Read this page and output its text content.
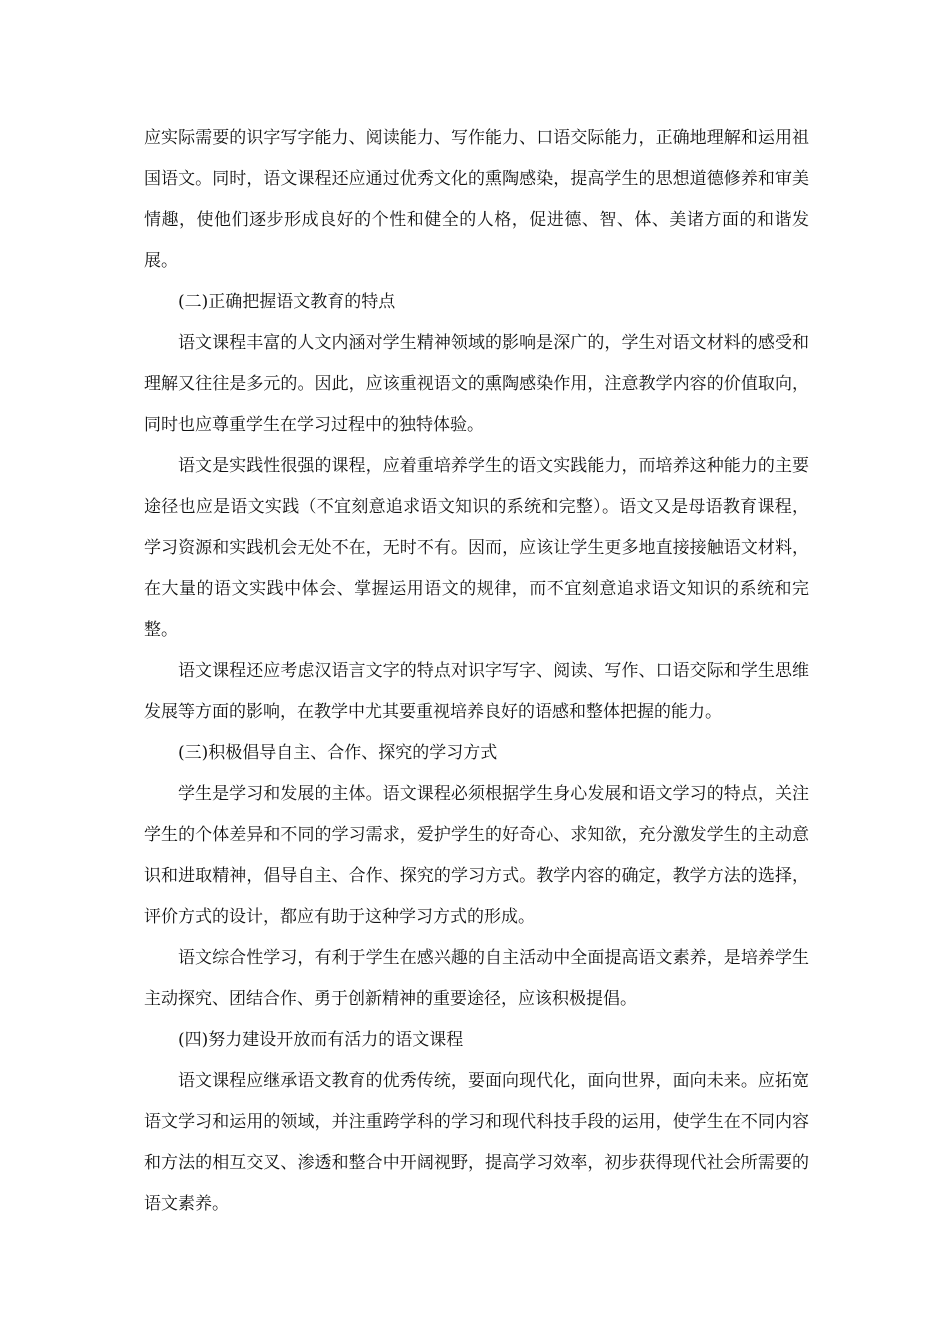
应实际需要的识字写字能力、阅读能力、写作能力、口语交际能力，正确地理解和运用祖国语文。同时，语文课程还应通过优秀文化的熏陶感染，提高学生的思想道德修养和审美情趣，使他们逐步形成良好的个性和健全的人格，促进德、智、体、美诸方面的和谐发展。

(二)正确把握语文教育的特点

语文课程丰富的人文内涵对学生精神领域的影响是深广的，学生对语文材料的感受和理解又往往是多元的。因此，应该重视语文的熏陶感染作用，注意教学内容的价值取向，同时也应尊重学生在学习过程中的独特体验。

语文是实践性很强的课程，应着重培养学生的语文实践能力，而培养这种能力的主要途径也应是语文实践（不宜刻意追求语文知识的系统和完整）。语文又是母语教育课程，学习资源和实践机会无处不在，无时不有。因而，应该让学生更多地直接接触语文材料，在大量的语文实践中体会、掌握运用语文的规律，而不宜刻意追求语文知识的系统和完整。

语文课程还应考虑汉语言文字的特点对识字写字、阅读、写作、口语交际和学生思维发展等方面的影响，在教学中尤其要重视培养良好的语感和整体把握的能力。

(三)积极倡导自主、合作、探究的学习方式

学生是学习和发展的主体。语文课程必须根据学生身心发展和语文学习的特点，关注学生的个体差异和不同的学习需求，爱护学生的好奇心、求知欲，充分激发学生的主动意识和进取精神，倡导自主、合作、探究的学习方式。教学内容的确定，教学方法的选择，评价方式的设计，都应有助于这种学习方式的形成。

语文综合性学习，有利于学生在感兴趣的自主活动中全面提高语文素养，是培养学生主动探究、团结合作、勇于创新精神的重要途径，应该积极提倡。

(四)努力建设开放而有活力的语文课程

语文课程应继承语文教育的优秀传统，要面向现代化，面向世界，面向未来。应拓宽语文学习和运用的领域，并注重跨学科的学习和现代科技手段的运用，使学生在不同内容和方法的相互交叉、渗透和整合中开阔视野，提高学习效率，初步获得现代社会所需要的语文素养。
